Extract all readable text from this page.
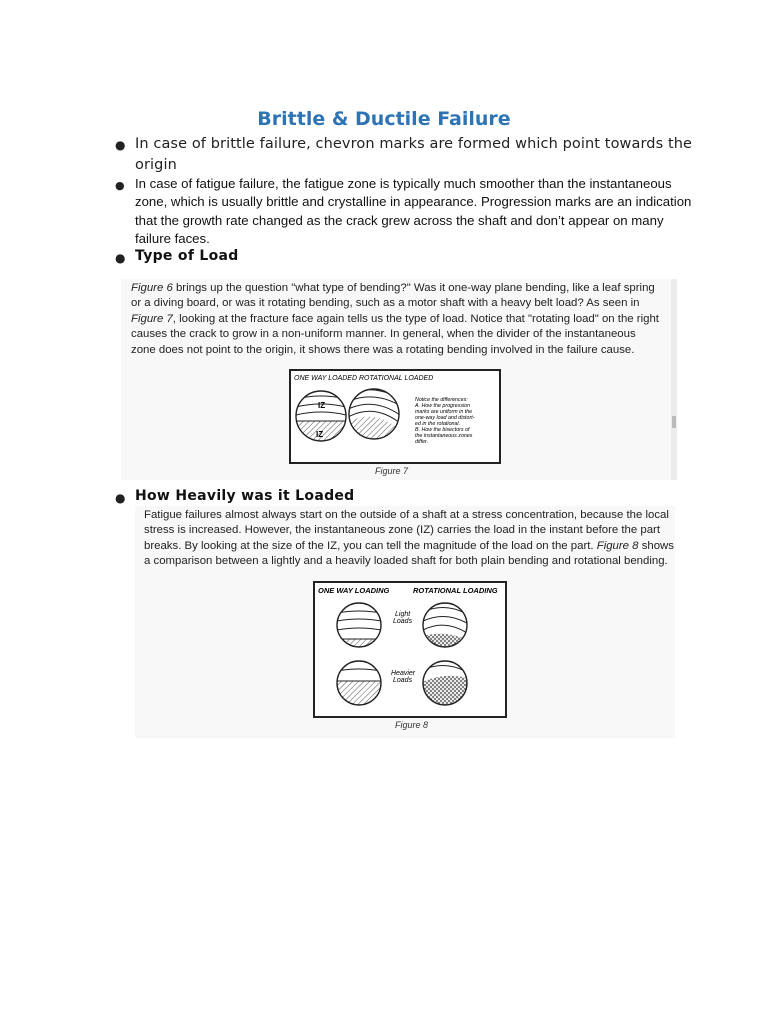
Brittle & Ductile Failure
● In case of brittle failure, chevron marks are formed which point towards the origin
● In case of fatigue failure, the fatigue zone is typically much smoother than the instantaneous zone, which is usually brittle and crystalline in appearance. Progression marks are an indication that the growth rate changed as the crack grew across the shaft and don’t appear on many failure faces.
● Type of Load
Figure 6 brings up the question "what type of bending?" Was it one-way plane bending, like a leaf spring or a diving board, or was it rotating bending, such as a motor shaft with a heavy belt load? As seen in Figure 7, looking at the fracture face again tells us the type of load. Notice that "rotating load" on the right causes the crack to grow in a non-uniform manner. In general, when the divider of the instantaneous zone does not point to the origin, it shows there was a rotating bending involved in the failure cause.
ONE WAY LOADED ROTATIONAL LOADED
IZ
IZ
Notice the differences:
A. How the progression
marks are uniform in the
one-way load and distort-
ed in the rotational.
B. How the bisectors of
the instantaneous zones
differ.
Figure 7
● How Heavily was it Loaded
Fatigue failures almost always start on the outside of a shaft at a stress concentration, because the local stress is increased. However, the instantaneous zone (IZ) carries the load in the instant before the part breaks. By looking at the size of the IZ, you can tell the magnitude of the load on the part. Figure 8 shows a comparison between a lightly and a heavily loaded shaft for both plain bending and rotational bending.
ONE WAY LOADING	ROTATIONAL LOADING
Light
Loads
Heavier
Loads
Figure 8
